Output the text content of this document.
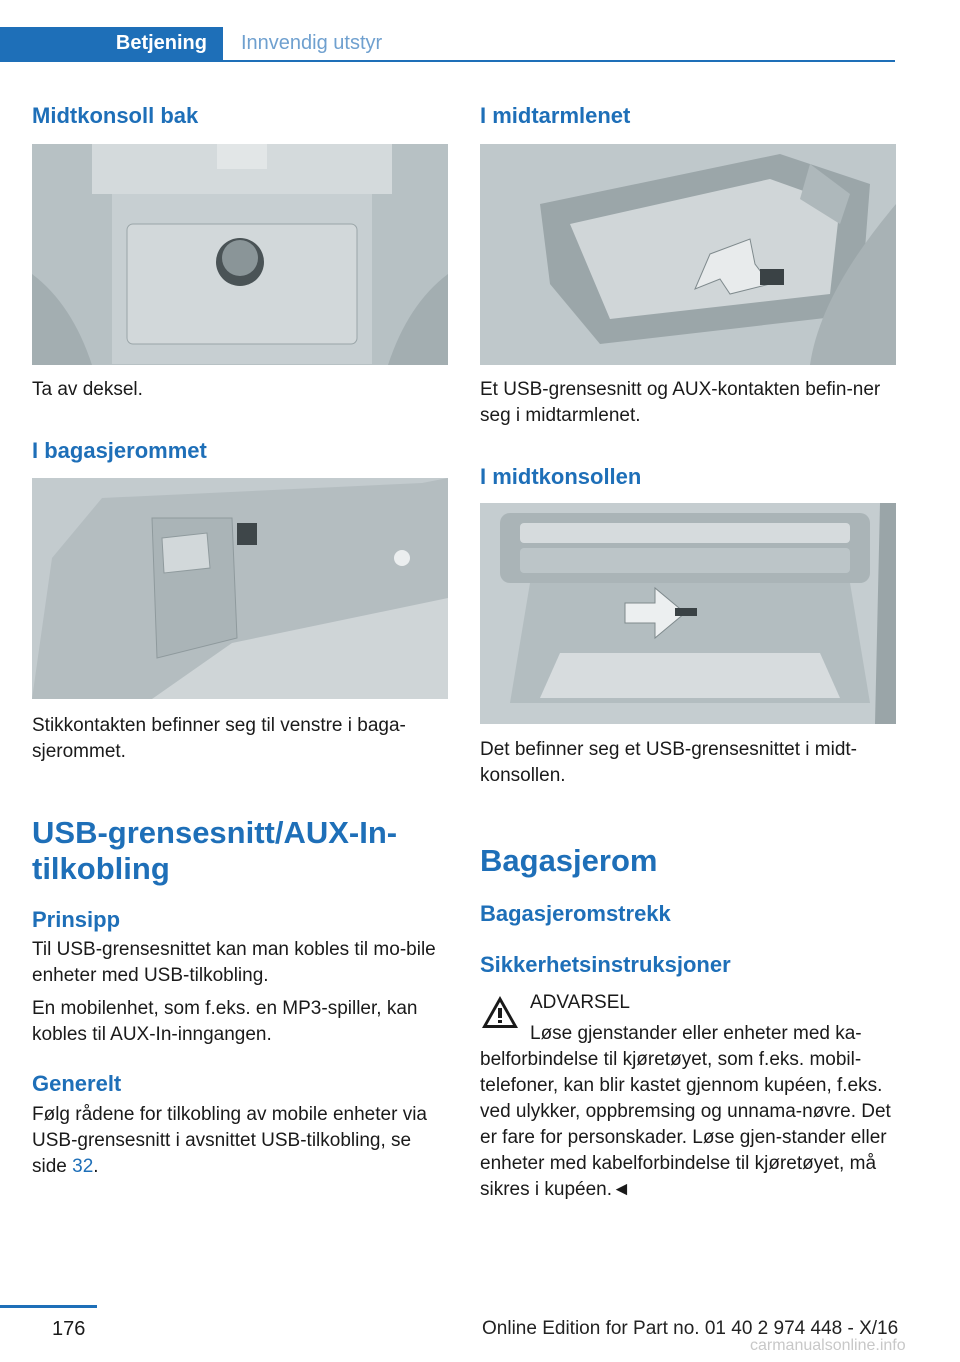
Betjening	Innvendig utstyr
Midtkonsoll bak

Ta av deksel.

I bagasjerommet

Stikkontakten befinner seg til venstre i baga-sjerommet.

USB-grensesnitt/AUX-In-tilkobling
Prinsipp

Til USB-grensesnittet kan man kobles til mo-bile enheter med USB-tilkobling.

En mobilenhet, som f.eks. en MP3-spiller, kan kobles til AUX-In-inngangen.

Generelt

Følg rådene for tilkobling av mobile enheter via USB-grensesnitt i avsnittet USB-tilkobling, se side 32.

I midtarmlenet

Et USB-grensesnitt og AUX-kontakten befin-ner seg i midtarmlenet.

I midtkonsollen

Det befinner seg et USB-grensesnittet i midt-konsollen.

Bagasjerom
Bagasjeromstrekk
Sikkerhetsinstruksjoner

ADVARSEL

Løse gjenstander eller enheter med ka-

belforbindelse til kjøretøyet, som f.eks. mobil-telefoner, kan blir kastet gjennom kupéen, f.eks. ved ulykker, oppbremsing og unnama-nøvre. Det er fare for personskader. Løse gjen-stander eller enheter med kabelforbindelse til kjøretøyet, må sikres i kupéen.◄

176	Online Edition for Part no. 01 40 2 974 448 - X/16
carmanualsonline.info
